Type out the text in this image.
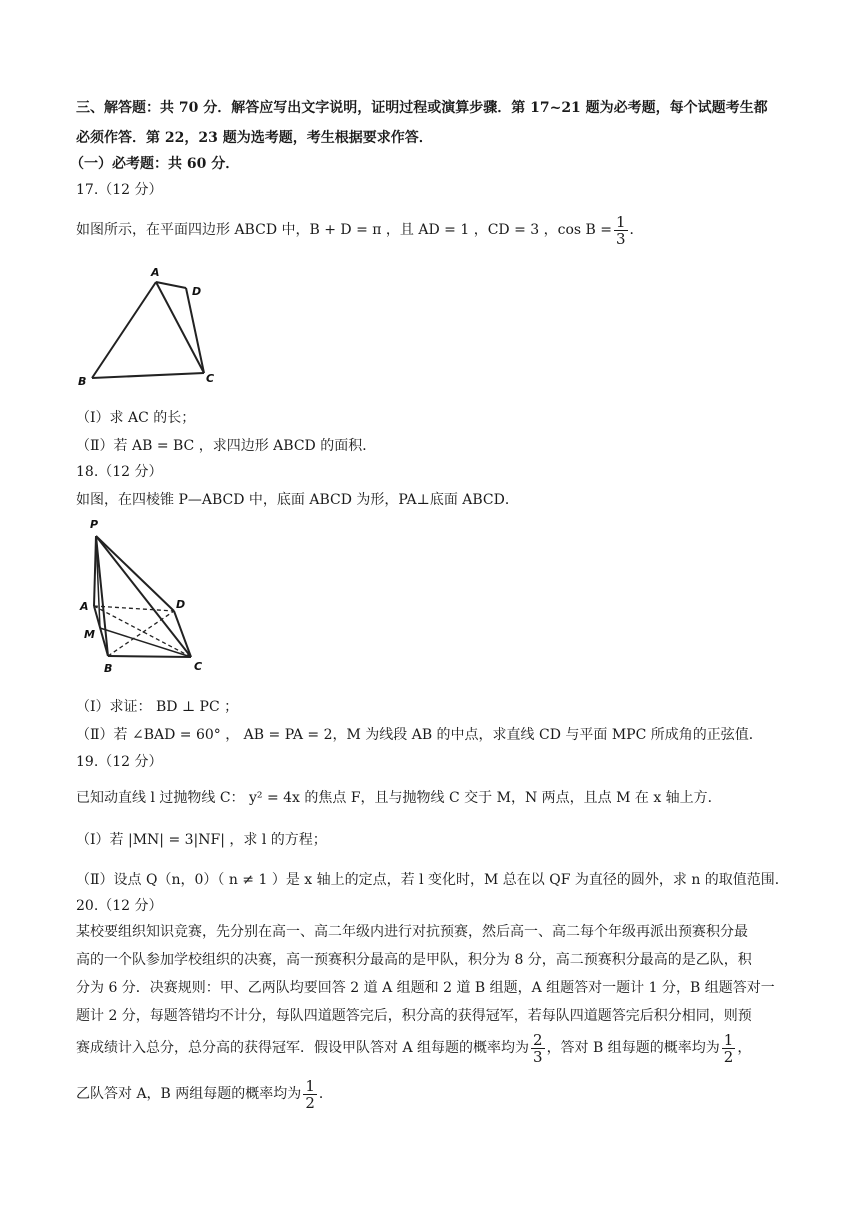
三、解答题：共 70 分．解答应写出文字说明，证明过程或演算步骤．第 17~21 题为必考题，每个试题考生都
必须作答．第 22，23 题为选考题，考生根据要求作答．
（一）必考题：共 60 分．
17.（12 分）
如图所示，在平面四边形 ABCD 中，B + D = π ，且 AD = 1 ，CD = 3 ，$\cos B = \frac{1}{3}$ ．
A
D
B	C
（Ⅰ）求 AC 的长；
（Ⅱ）若 AB = BC ，求四边形 ABCD 的面积．
18.（12 分）
如图，在四棱锥 P—ABCD 中，底面 ABCD 为形，PA⊥底面 ABCD．
P
A	D
M
B	C
（Ⅰ）求证： BD ⊥ PC ；
（Ⅱ）若 ∠BAD = 60° ， AB = PA = 2，M 为线段 AB 的中点，求直线 CD 与平面 MPC 所成角的正弦值．
19.（12 分）
已知动直线 l 过抛物线 C： y² = 4x 的焦点 F，且与抛物线 C 交于 M，N 两点，且点 M 在 x 轴上方．
（Ⅰ）若 |MN| = 3|NF| ，求 l 的方程；
（Ⅱ）设点 Q（n，0）（ n ≠ 1 ）是 x 轴上的定点，若 l 变化时，M 总在以 QF 为直径的圆外，求 n 的取值范围．
20.（12 分）
某校要组织知识竞赛，先分别在高一、高二年级内进行对抗预赛，然后高一、高二每个年级再派出预赛积分最
高的一个队参加学校组织的决赛，高一预赛积分最高的是甲队，积分为 8 分，高二预赛积分最高的是乙队，积
分为 6 分．决赛规则：甲、乙两队均要回答 2 道 A 组题和 2 道 B 组题，A 组题答对一题计 1 分，B 组题答对一
题计 2 分，每题答错均不计分，每队四道题答完后，积分高的获得冠军，若每队四道题答完后积分相同，则预
赛成绩计入总分，总分高的获得冠军．假设甲队答对 A 组每题的概率均为 $\frac{2}{3}$ ，答对 B 组每题的概率均为 $\frac{1}{2}$ ，
乙队答对 A，B 两组每题的概率均为 $\frac{1}{2}$ ．
